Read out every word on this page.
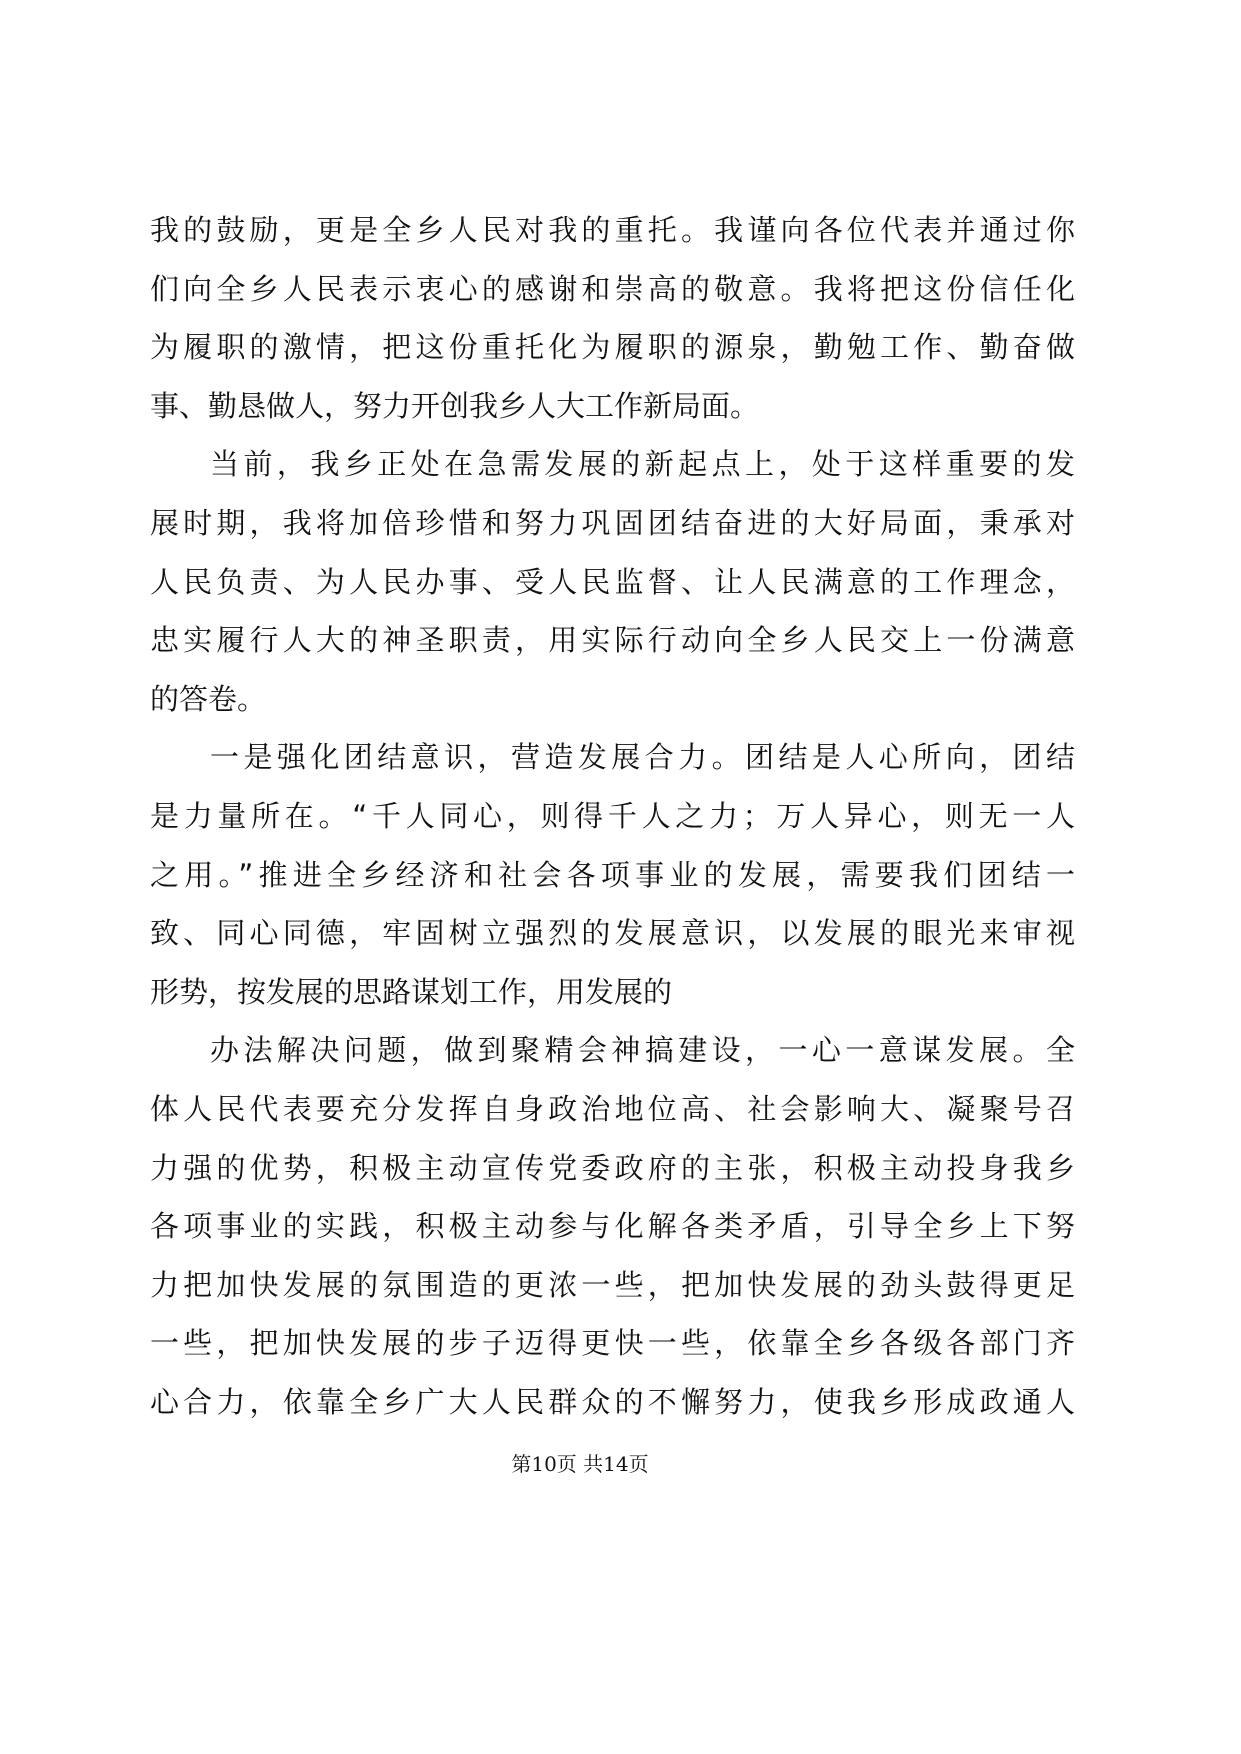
我的鼓励，更是全乡人民对我的重托。我谨向各位代表并通过你
们向全乡人民表示衷心的感谢和崇高的敬意。我将把这份信任化
为履职的激情，把这份重托化为履职的源泉，勤勉工作、勤奋做
事、勤恳做人，努力开创我乡人大工作新局面。
当前，我乡正处在急需发展的新起点上，处于这样重要的发
展时期，我将加倍珍惜和努力巩固团结奋进的大好局面，秉承对
人民负责、为人民办事、受人民监督、让人民满意的工作理念，
忠实履行人大的神圣职责，用实际行动向全乡人民交上一份满意
的答卷。
一是强化团结意识，营造发展合力。团结是人心所向，团结
是力量所在。“千人同心，则得千人之力；万人异心，则无一人
之用。”推进全乡经济和社会各项事业的发展，需要我们团结一
致、同心同德，牢固树立强烈的发展意识，以发展的眼光来审视
形势，按发展的思路谋划工作，用发展的
办法解决问题，做到聚精会神搞建设，一心一意谋发展。全
体人民代表要充分发挥自身政治地位高、社会影响大、凝聚号召
力强的优势，积极主动宣传党委政府的主张，积极主动投身我乡
各项事业的实践，积极主动参与化解各类矛盾，引导全乡上下努
力把加快发展的氛围造的更浓一些，把加快发展的劲头鼓得更足
一些，把加快发展的步子迈得更快一些，依靠全乡各级各部门齐
心合力，依靠全乡广大人民群众的不懈努力，使我乡形成政通人
第10页 共14页
